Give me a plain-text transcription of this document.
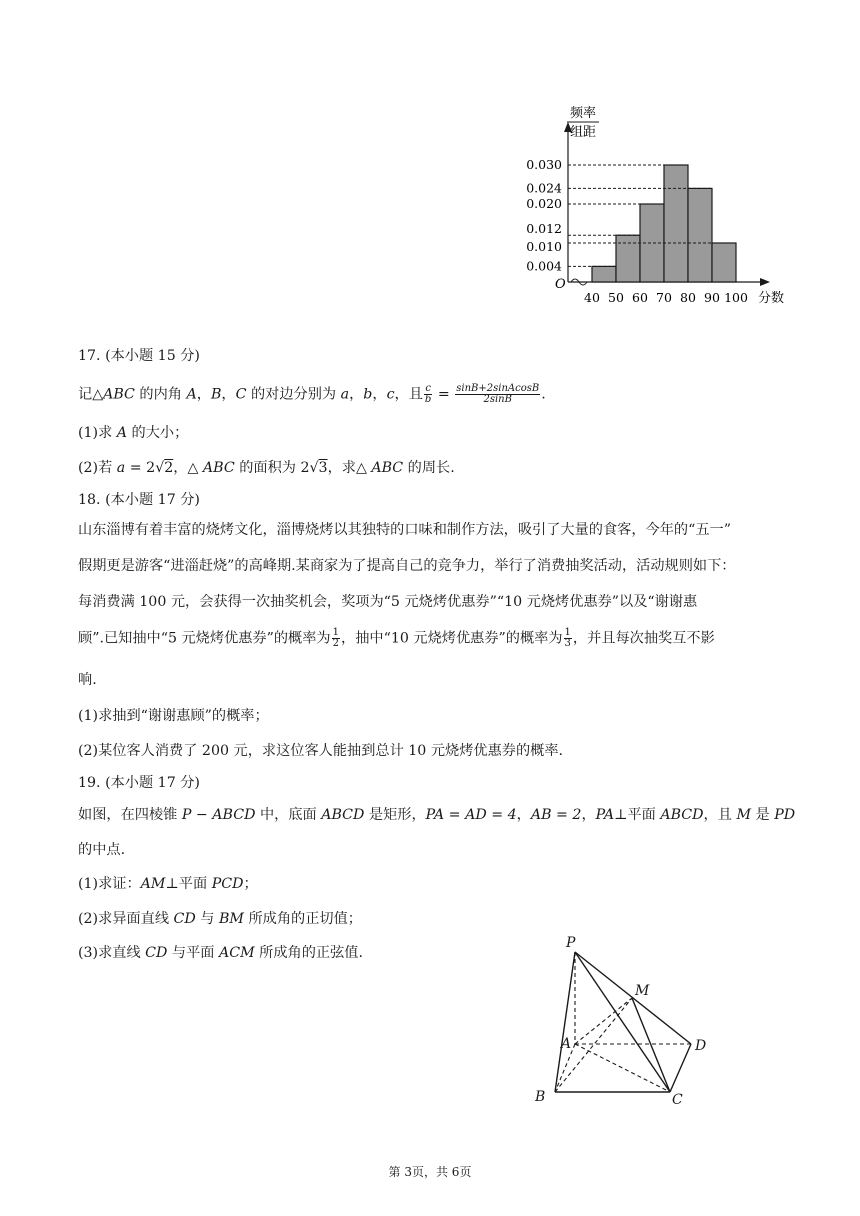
频率
组距
O
0.004
0.010
0.012
0.020
0.024
0.030
40 50 60 70 80 90 100 分数
17. (本小题 15 分)
记△ABC 的内角 A，B，C 的对边分别为 a，b，c，且 $\frac{c}{b} = \frac{\text{sinB+2sinAcosB}}{2\sin B}$ .
(1)求 A 的大小；
(2)若 a = 2√2，△ ABC 的面积为 2√3，求△ ABC 的周长.
18. (本小题 17 分)
山东淄博有着丰富的烧烤文化，淄博烧烤以其独特的口味和制作方法，吸引了大量的食客，今年的“五一”
假期更是游客“进淄赶烧”的高峰期.某商家为了提高自己的竞争力，举行了消费抽奖活动，活动规则如下：
每消费满 100 元，会获得一次抽奖机会，奖项为“5 元烧烤优惠券”“10 元烧烤优惠券”以及“谢谢惠
顾”.已知抽中“5 元烧烤优惠券”的概率为 $\frac{1}{2}$ ，抽中“10 元烧烤优惠券”的概率为 $\frac{1}{3}$ ，并且每次抽奖互不影
响.
(1)求抽到“谢谢惠顾”的概率；
(2)某位客人消费了 200 元，求这位客人能抽到总计 10 元烧烤优惠券的概率.
19. (本小题 17 分)
如图，在四棱锥 P − ABCD 中，底面 ABCD 是矩形，PA = AD = 4，AB = 2，PA⊥平面 ABCD，且 M 是 PD
的中点.
(1)求证：AM⊥平面 PCD；
(2)求异面直线 CD 与 BM 所成角的正切值；
(3)求直线 CD 与平面 ACM 所成角的正弦值.
P
M
A	D
B	C
第 3页，共 6页
